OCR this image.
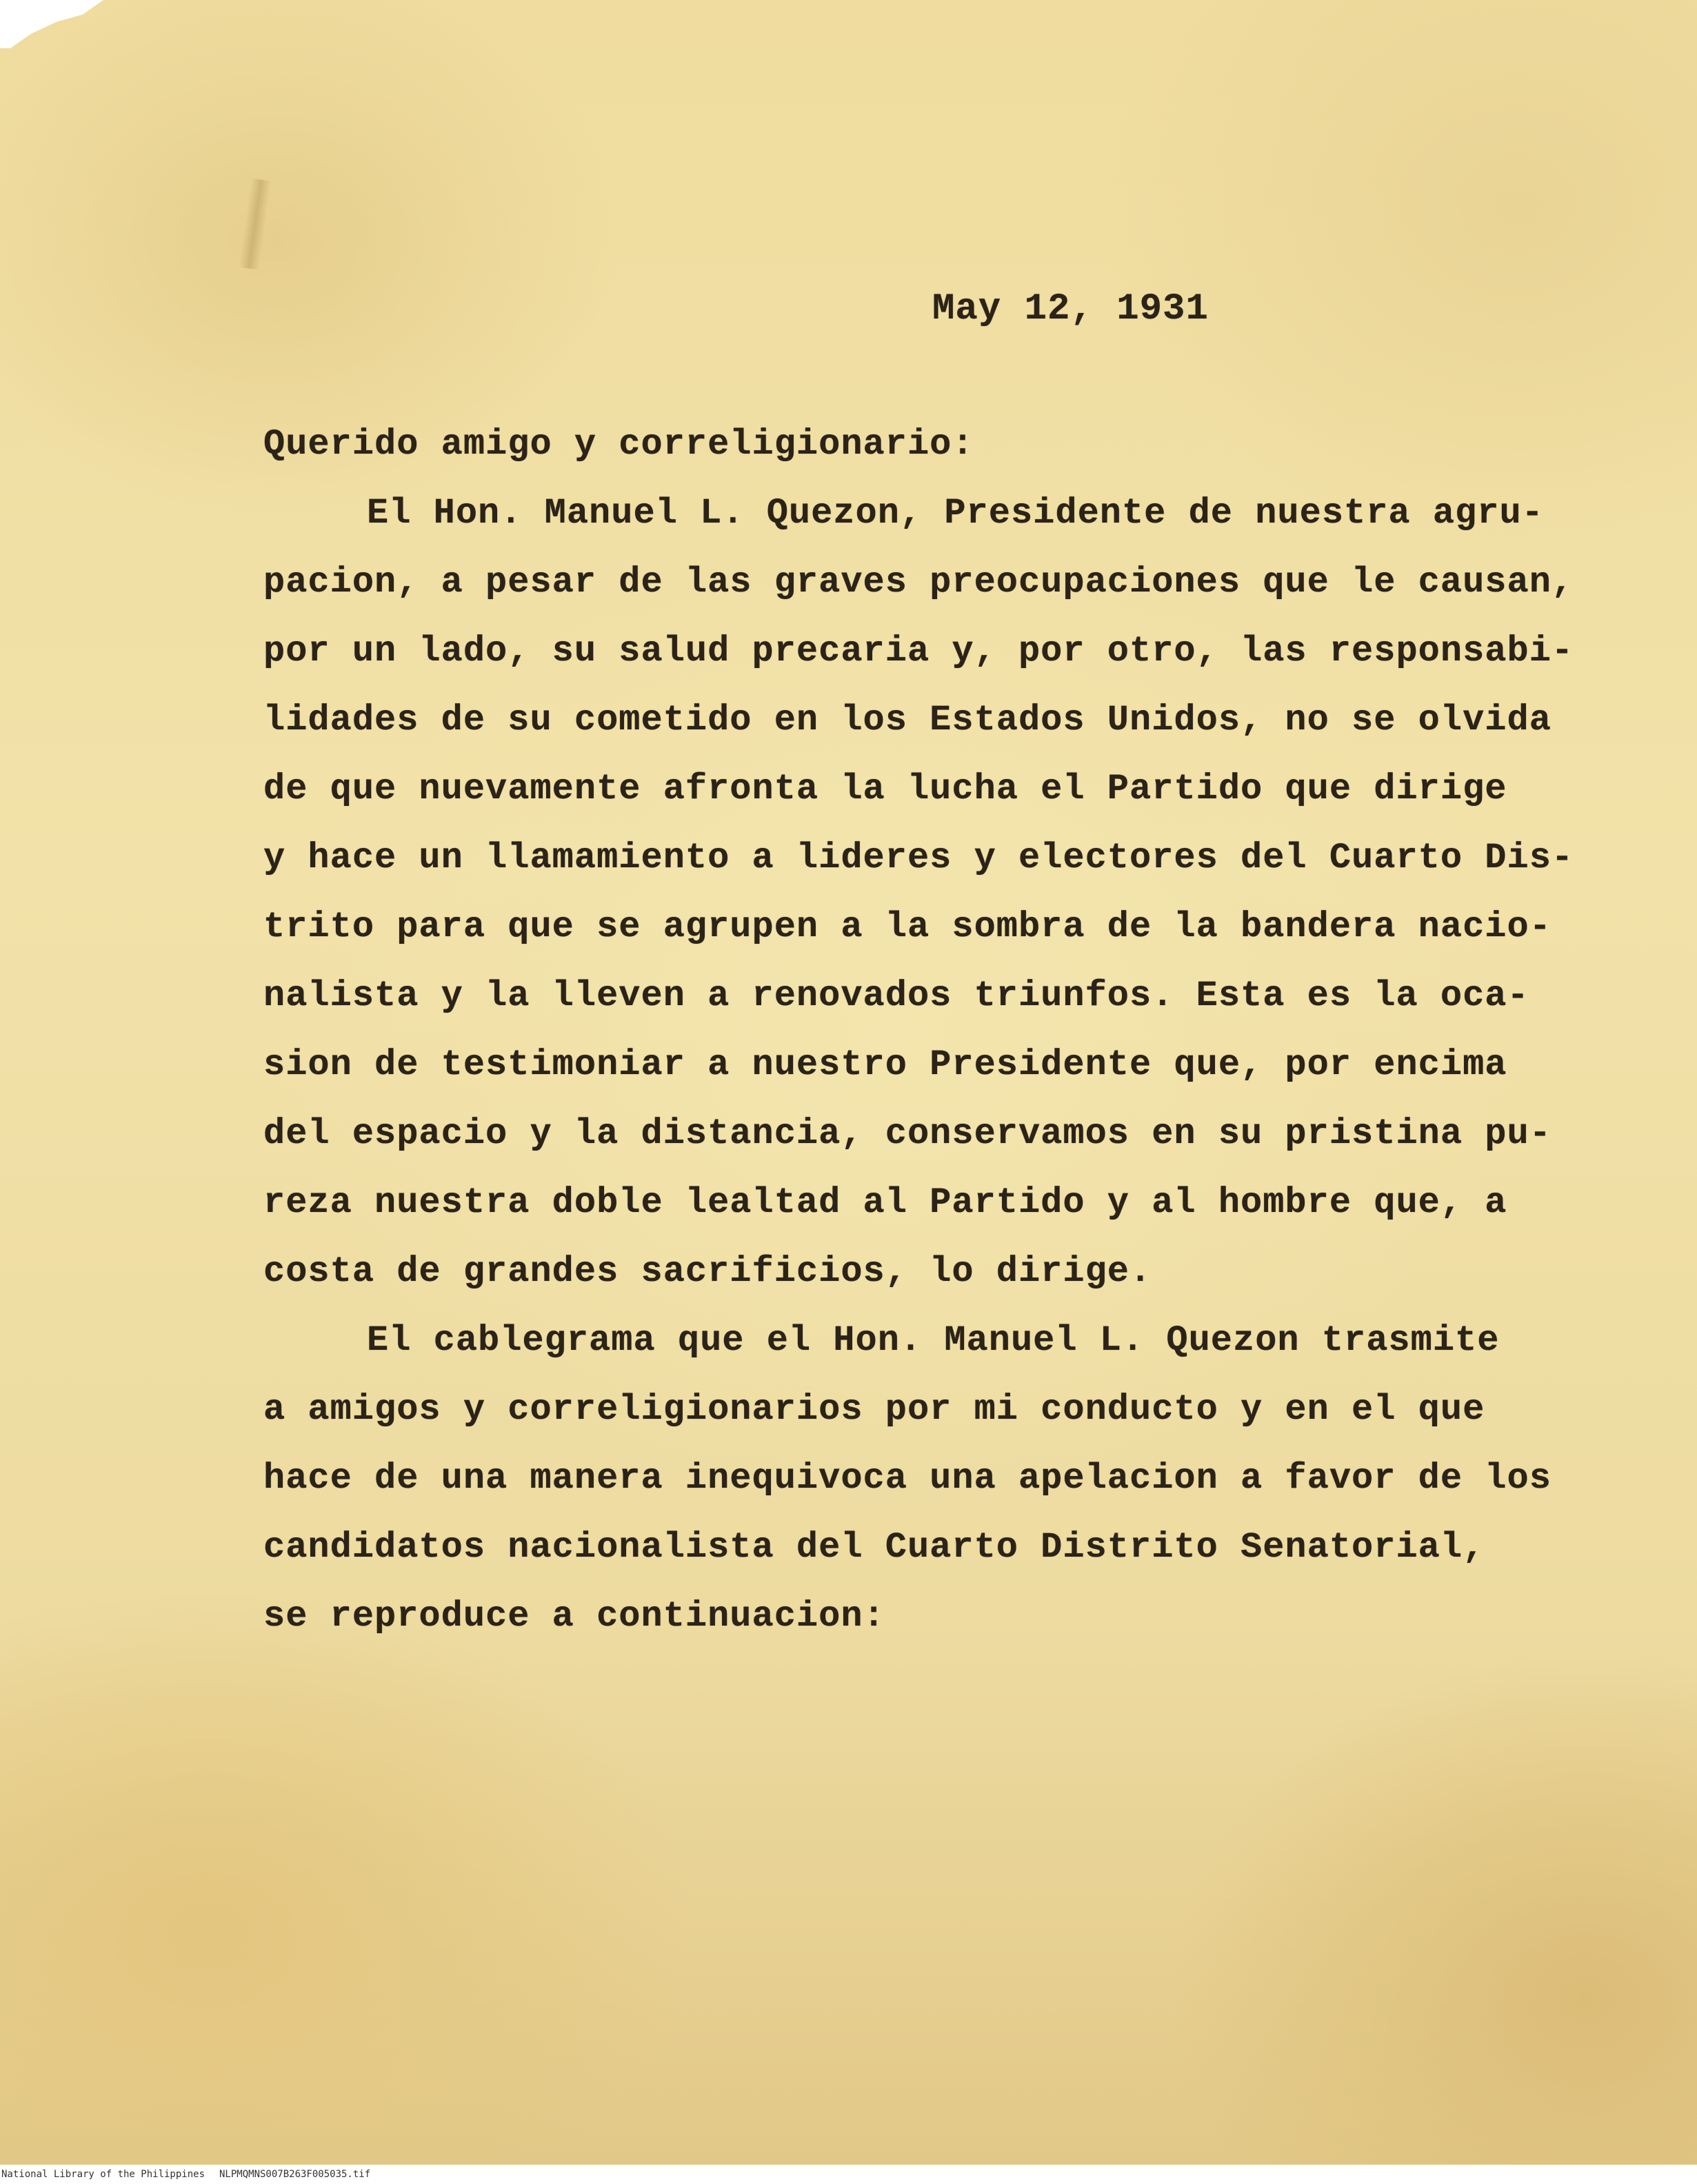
May 12, 1931
Querido amigo y correligionario:
El Hon. Manuel L. Quezon, Presidente de nuestra agru-
pacion, a pesar de las graves preocupaciones que le causan,
por un lado, su salud precaria y, por otro, las responsabi-
lidades de su cometido en los Estados Unidos, no se olvida
de que nuevamente afronta la lucha el Partido que dirige
y hace un llamamiento a lideres y electores del Cuarto Dis-
trito para que se agrupen a la sombra de la bandera nacio-
nalista y la lleven a renovados triunfos. Esta es la oca-
sion de testimoniar a nuestro Presidente que, por encima
del espacio y la distancia, conservamos en su pristina pu-
reza nuestra doble lealtad al Partido y al hombre que, a
costa de grandes sacrificios, lo dirige.
El cablegrama que el Hon. Manuel L. Quezon trasmite
a amigos y correligionarios por mi conducto y en el que
hace de una manera inequivoca una apelacion a favor de los
candidatos nacionalista del Cuarto Distrito Senatorial,
se reproduce a continuacion:
National Library of the Philippines NLPMQMNS007B263F005035.tif
